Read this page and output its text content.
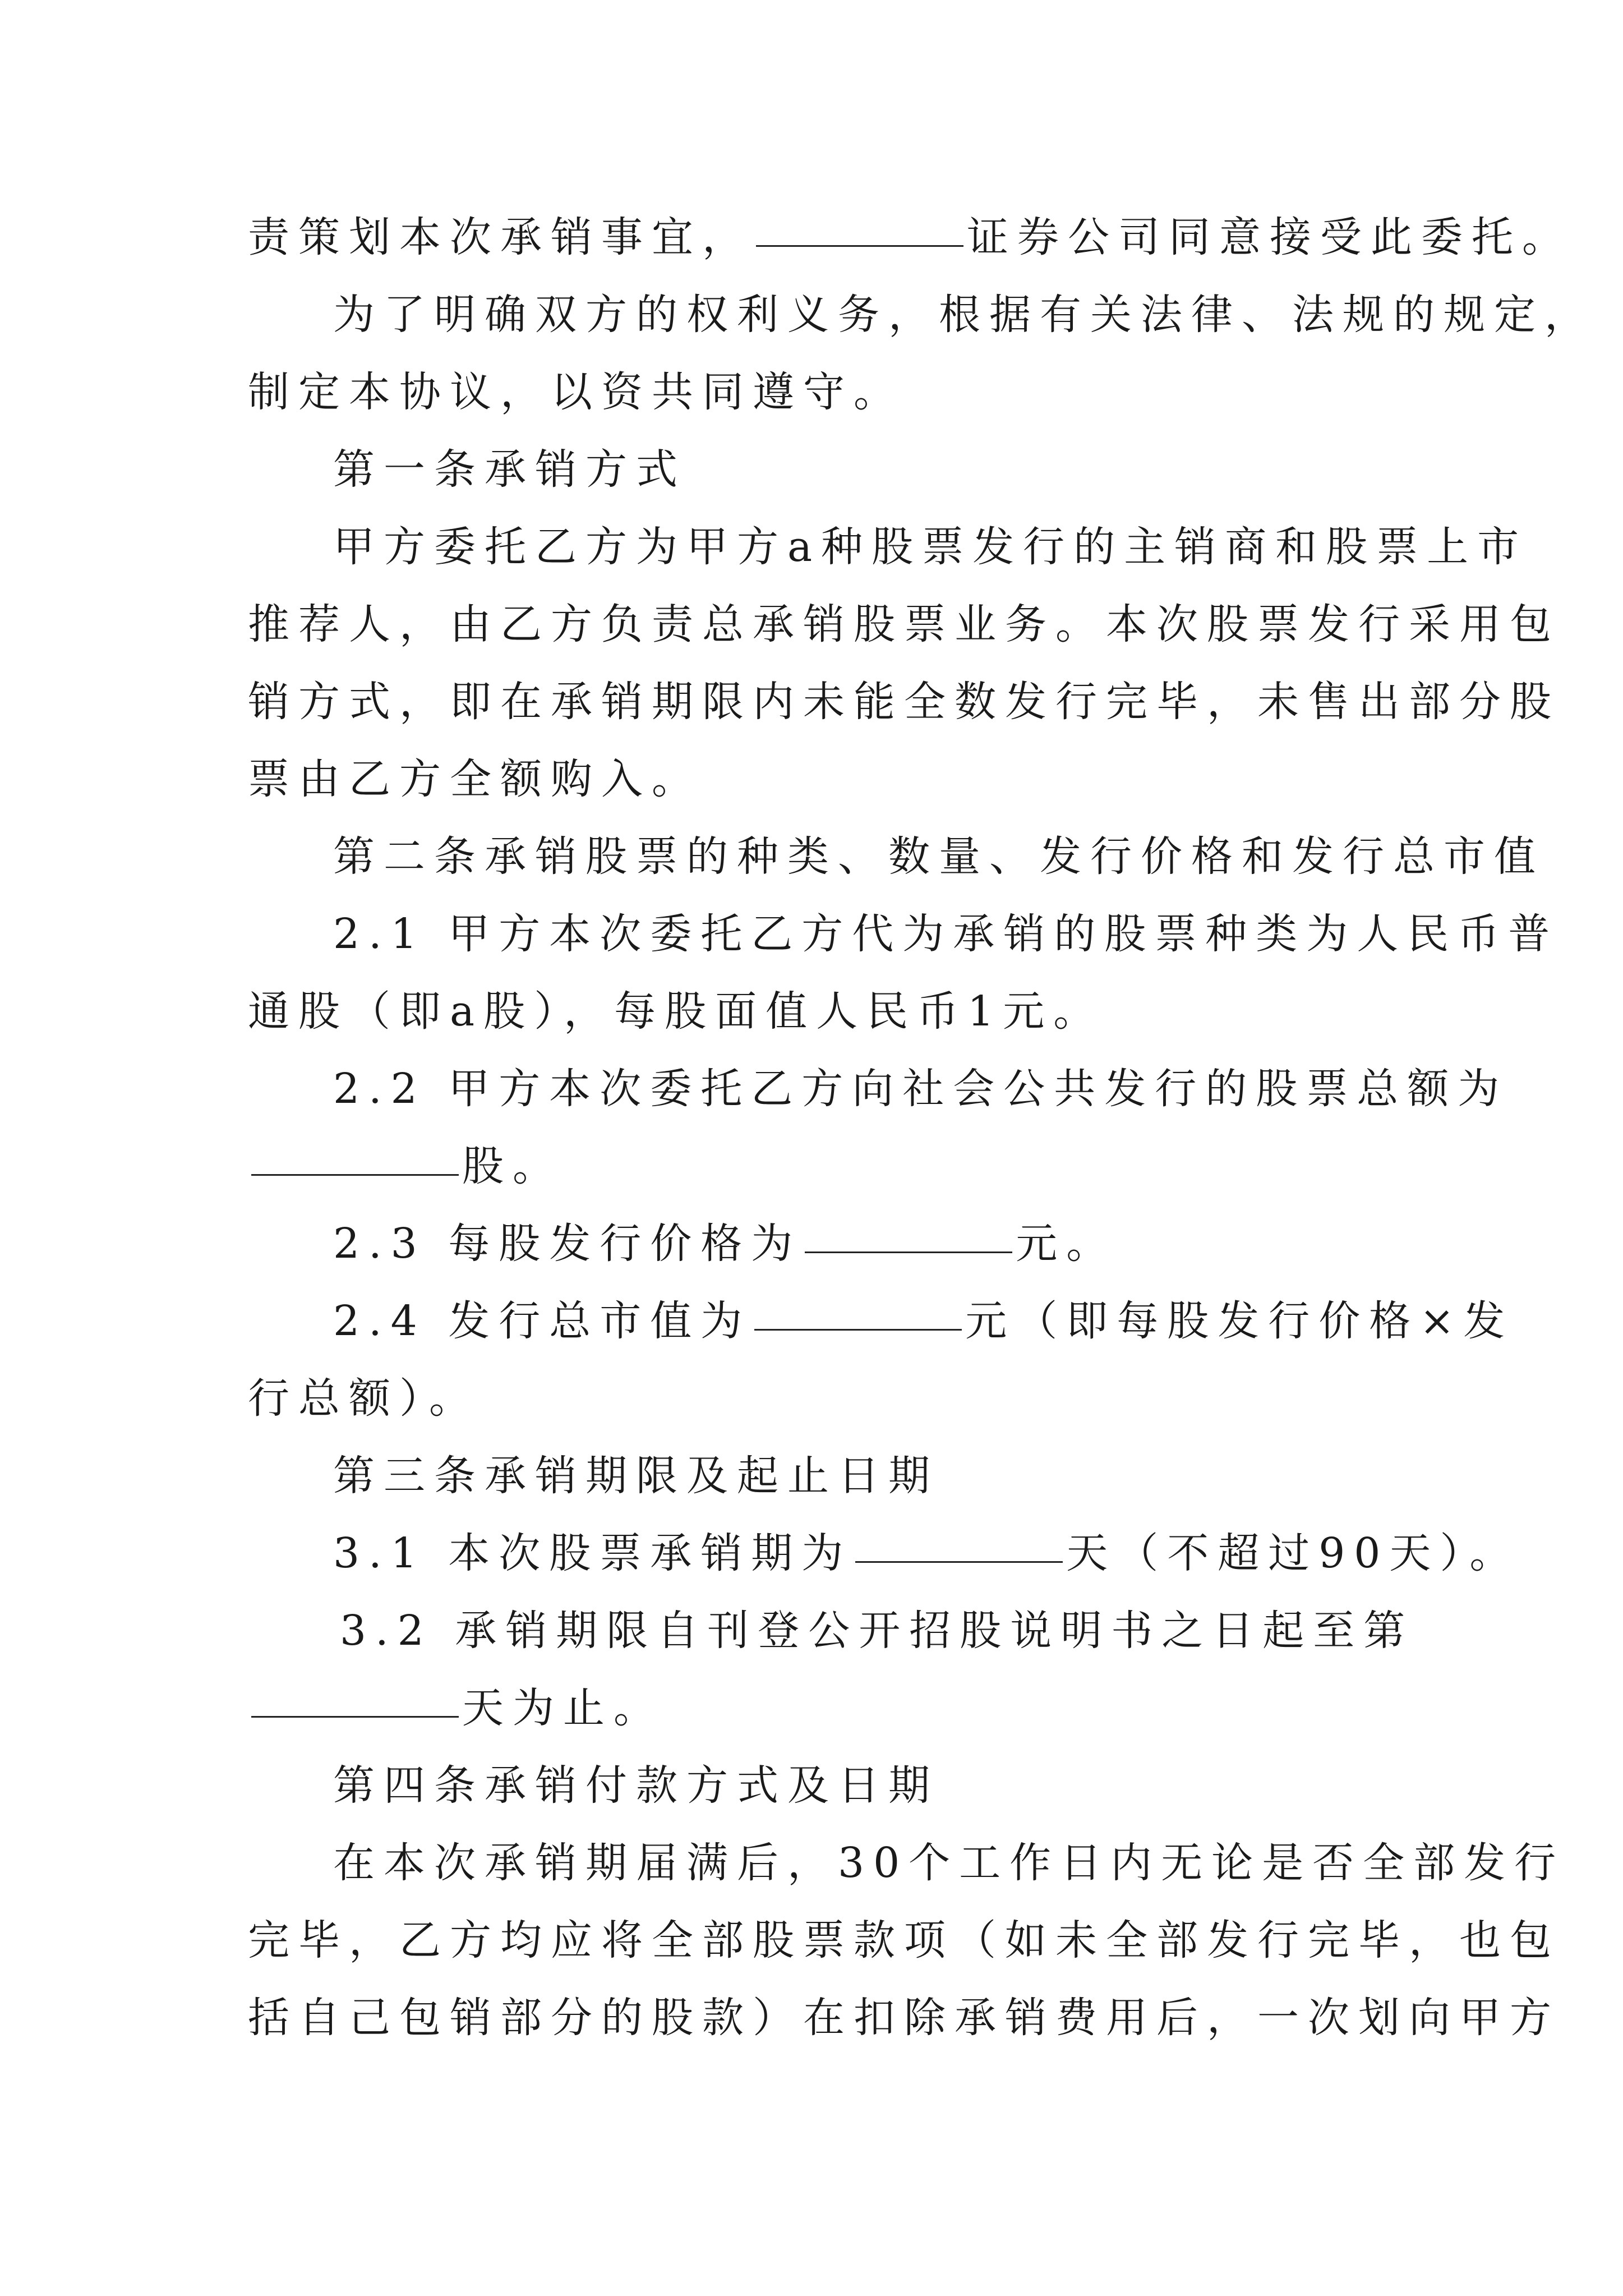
责策划本次承销事宜，	证券公司同意接受此委托。
为了明确双方的权利义务，根据有关法律、法规的规定，
制定本协议，以资共同遵守。
第一条承销方式
甲方委托乙方为甲方a种股票发行的主销商和股票上市
推荐人，由乙方负责总承销股票业务。本次股票发行采用包
销方式，即在承销期限内未能全数发行完毕，未售出部分股
票由乙方全额购入。
第二条承销股票的种类、数量、发行价格和发行总市值
2.1 甲方本次委托乙方代为承销的股票种类为人民币普
通股（即a股），每股面值人民币1元。
2.2 甲方本次委托乙方向社会公共发行的股票总额为
股。
2.3 每股发行价格为	元。
2.4 发行总市值为	元（即每股发行价格×发
行总额）。
第三条承销期限及起止日期
3.1 本次股票承销期为	天（不超过90天）。
3.2 承销期限自刊登公开招股说明书之日起至第
天为止。
第四条承销付款方式及日期
在本次承销期届满后，30个工作日内无论是否全部发行
完毕，乙方均应将全部股票款项（如未全部发行完毕，也包
括自己包销部分的股款）在扣除承销费用后，一次划向甲方
